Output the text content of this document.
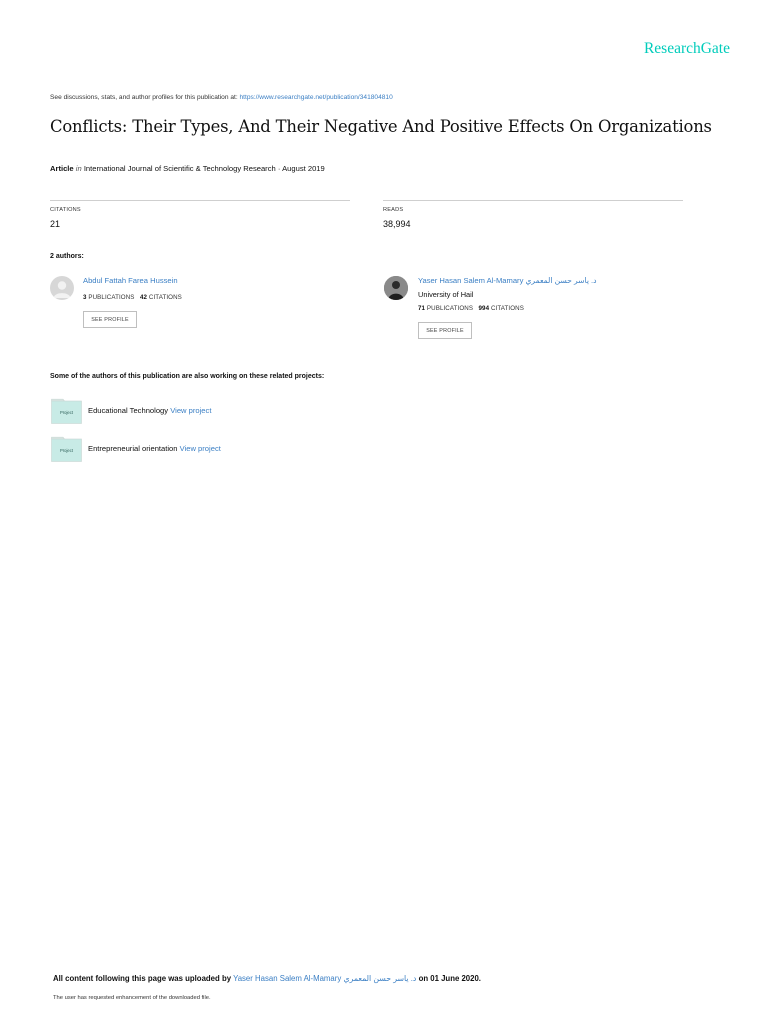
ResearchGate
See discussions, stats, and author profiles for this publication at: https://www.researchgate.net/publication/341804810
Conflicts: Their Types, And Their Negative And Positive Effects On Organizations
Article in International Journal of Scientific & Technology Research · August 2019
CITATIONS
21
READS
38,994
2 authors:
Abdul Fattah Farea Hussein
3 PUBLICATIONS 42 CITATIONS
SEE PROFILE
Yaser Hasan Salem Al-Mamary د. ياسر حسن المعمري
University of Hail
71 PUBLICATIONS 994 CITATIONS
SEE PROFILE
Some of the authors of this publication are also working on these related projects:
Project Educational Technology View project
Project Entrepreneurial orientation View project
All content following this page was uploaded by Yaser Hasan Salem Al-Mamary د. ياسر حسن المعمري on 01 June 2020.
The user has requested enhancement of the downloaded file.
